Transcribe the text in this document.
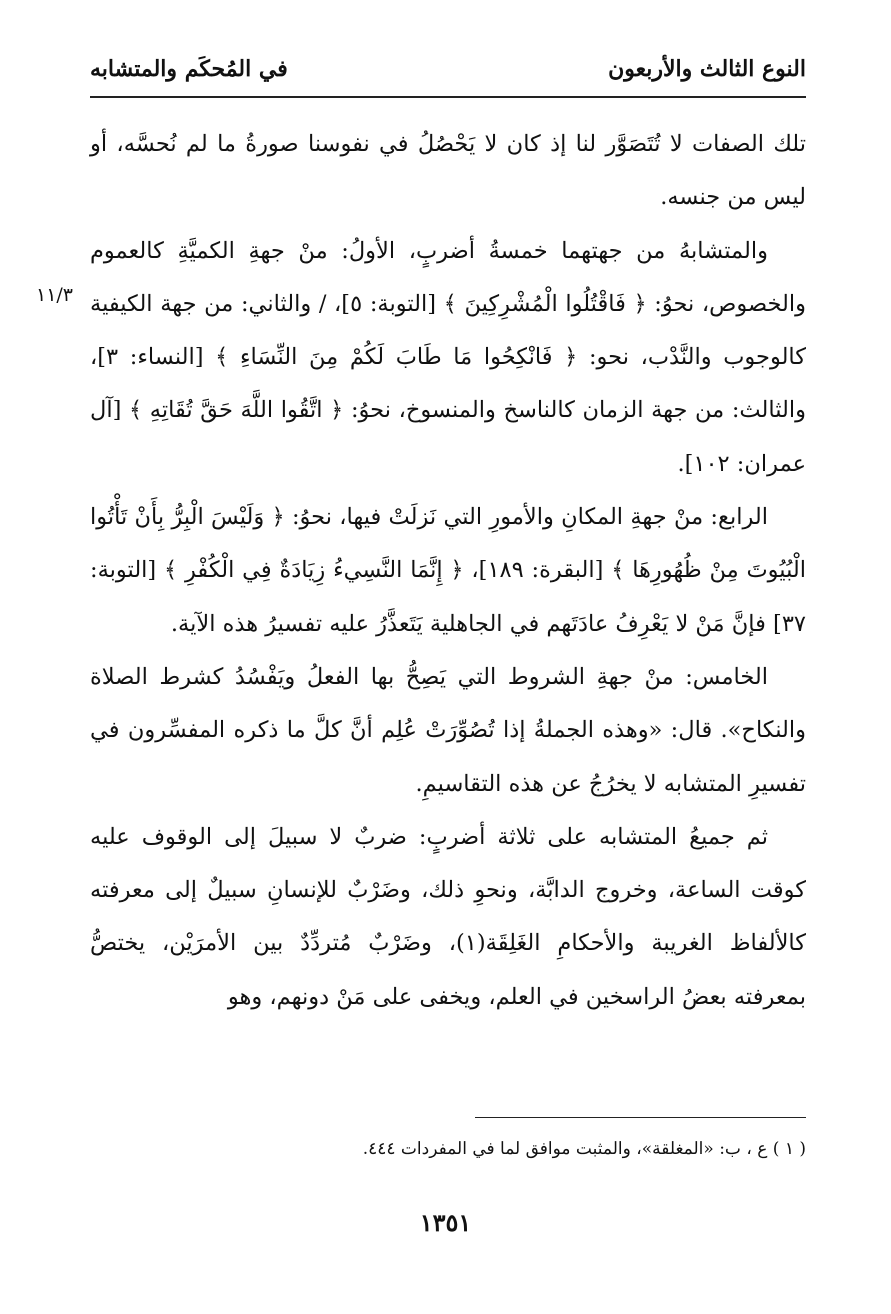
النوع الثالث والأربعون
في المُحكَم والمتشابه
١١/٣

تلك الصفات لا تُتَصَوَّر لنا إذ كان لا يَحْصُلُ في نفوسنا صورةُ ما لم نُحسَّه، أو ليس من جنسه.

والمتشابهُ من جهتهما خمسةُ أضربٍ، الأولُ: منْ جهةِ الكميَّةِ كالعموم والخصوص، نحوُ: ﴿ فَاقْتُلُوا الْمُشْرِكِينَ ﴾ [التوبة: ٥]، / والثاني: من جهة الكيفية كالوجوب والنَّدْب، نحو: ﴿ فَانْكِحُوا مَا طَابَ لَكُمْ مِنَ النِّسَاءِ ﴾ [النساء: ٣]، والثالث: من جهة الزمان كالناسخ والمنسوخ، نحوُ: ﴿ اتَّقُوا اللَّهَ حَقَّ تُقَاتِهِ ﴾ [آل عمران: ١٠٢].

الرابع: منْ جهةِ المكانِ والأمورِ التي نَزلَتْ فيها، نحوُ: ﴿ وَلَيْسَ الْبِرُّ بِأَنْ تَأْتُوا الْبُيُوتَ مِنْ ظُهُورِهَا ﴾ [البقرة: ١٨٩]، ﴿ إِنَّمَا النَّسِيءُ زِيَادَةٌ فِي الْكُفْرِ ﴾ [التوبة: ٣٧] فإنَّ مَنْ لا يَعْرِفُ عادَتَهم في الجاهلية يَتَعذَّرُ عليه تفسيرُ هذه الآية.

الخامس: منْ جهةِ الشروط التي يَصِحُّ بها الفعلُ ويَفْسُدُ كشرط الصلاة والنكاح». قال: «وهذه الجملةُ إذا تُصُوِّرَتْ عُلِم أنَّ كلَّ ما ذكره المفسِّرون في تفسيرِ المتشابه لا يخرُجُ عن هذه التقاسيمِ.

ثم جميعُ المتشابه على ثلاثة أضربٍ: ضربٌ لا سبيلَ إلى الوقوف عليه كوقت الساعة، وخروج الدابَّة، ونحوِ ذلك، وضَرْبٌ للإنسانِ سبيلٌ إلى معرفته كالألفاظ الغريبة والأحكامِ الغَلِقَة(١)، وضَرْبٌ مُتردِّدٌ بين الأمرَيْن، يختصُّ بمعرفته بعضُ الراسخين في العلم، ويخفى على مَنْ دونهم، وهو

( ١ ) ع ، ب: «المغلقة»، والمثبت موافق لما في المفردات ٤٤٤.
١٣٥١
